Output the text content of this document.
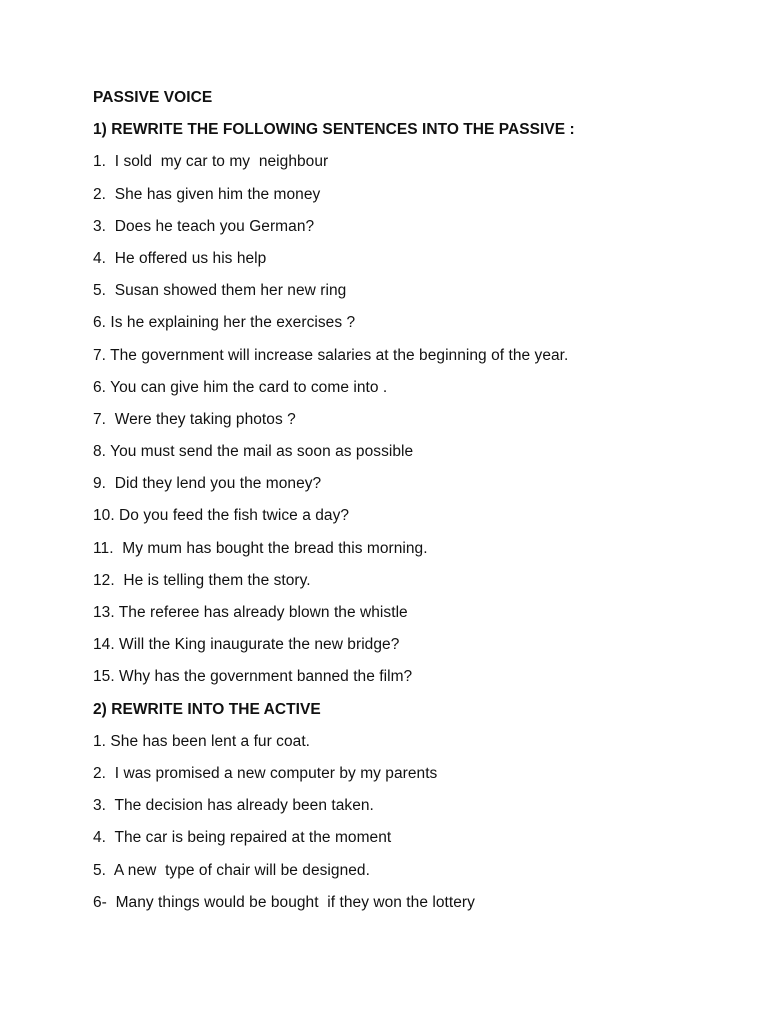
PASSIVE VOICE
1) REWRITE THE FOLLOWING SENTENCES INTO THE PASSIVE :
1.  I sold  my car to my  neighbour
2.  She has given him the money
3.  Does he teach you German?
4.  He offered us his help
5.  Susan showed them her new ring
6. Is he explaining her the exercises ?
7. The government will increase salaries at the beginning of the year.
6. You can give him the card to come into .
7.  Were they taking photos ?
8. You must send the mail as soon as possible
9.  Did they lend you the money?
10. Do you feed the fish twice a day?
11.  My mum has bought the bread this morning.
12.  He is telling them the story.
13. The referee has already blown the whistle
14. Will the King inaugurate the new bridge?
15. Why has the government banned the film?
2) REWRITE INTO THE ACTIVE
1. She has been lent a fur coat.
2.  I was promised a new computer by my parents
3.  The decision has already been taken.
4.  The car is being repaired at the moment
5.  A new  type of chair will be designed.
6-  Many things would be bought  if they won the lottery
